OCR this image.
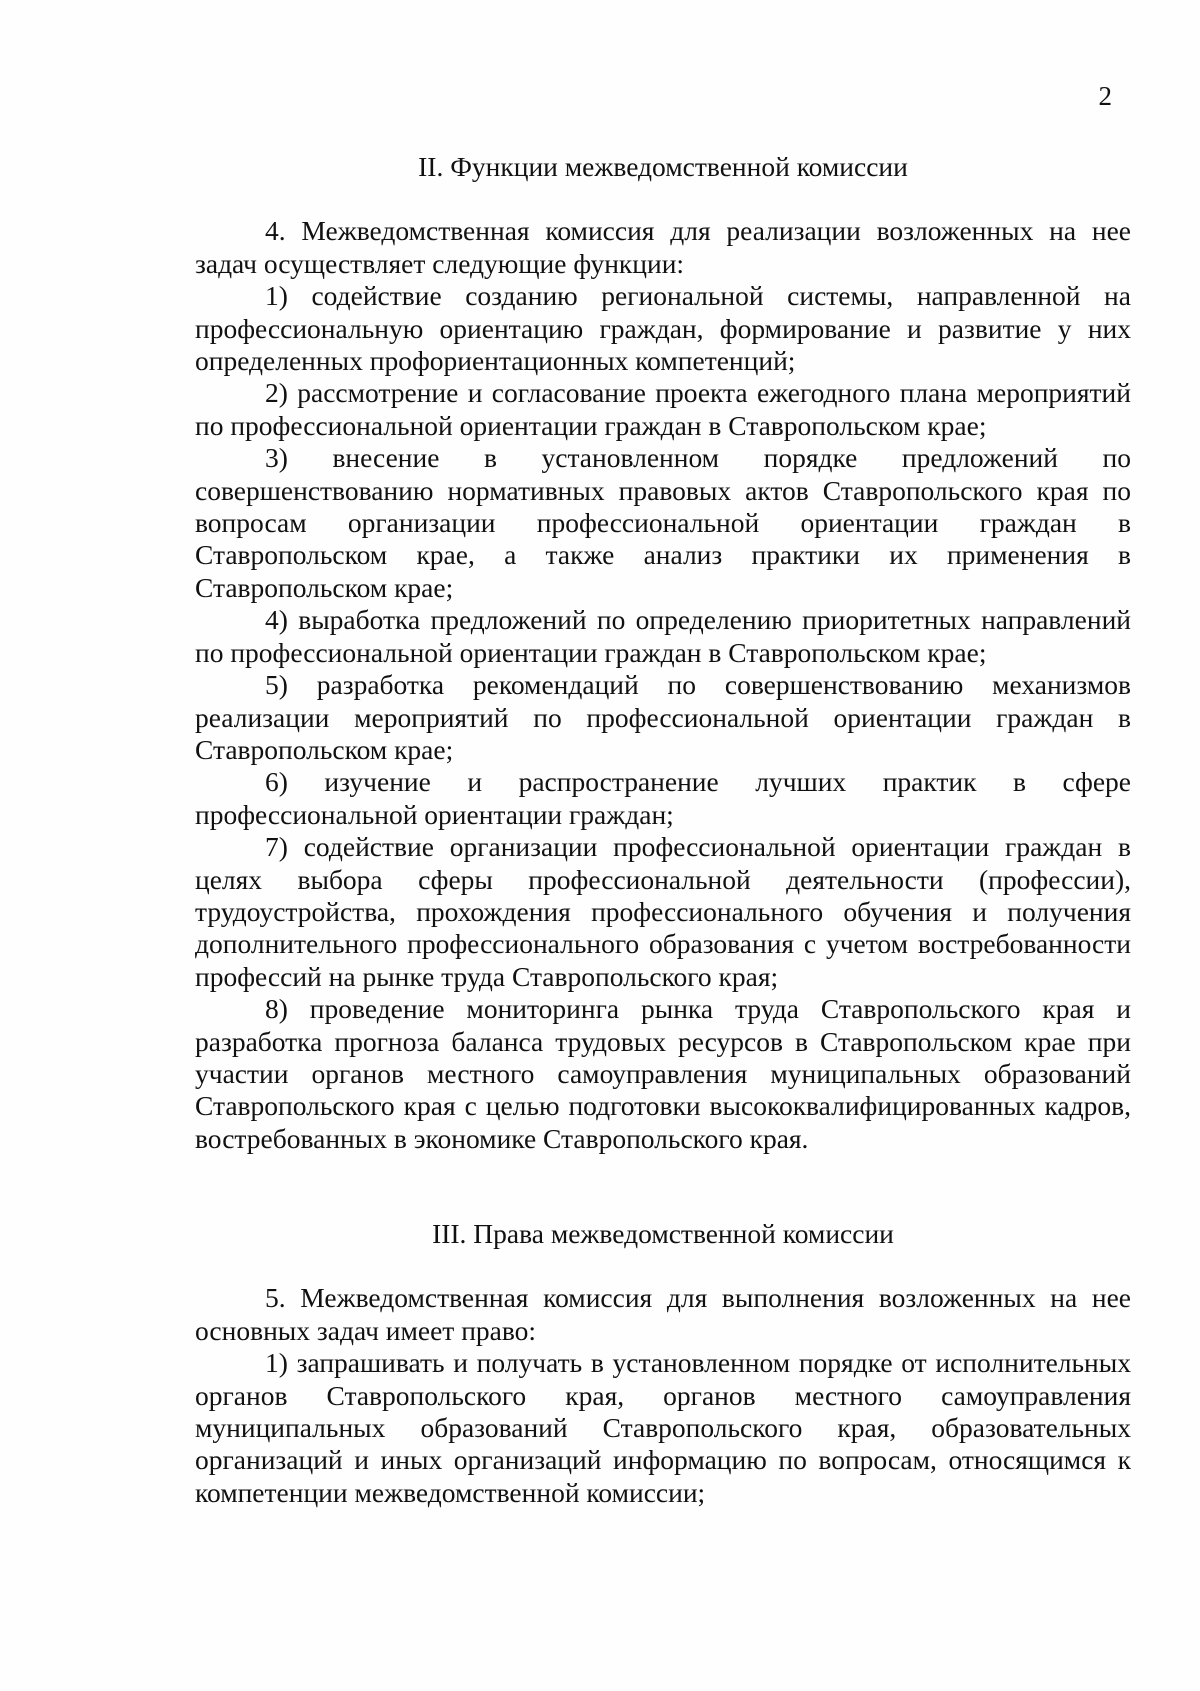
2
II. Функции межведомственной комиссии

4. Межведомственная комиссия для реализации возложенных на нее задач осуществляет следующие функции:

1) содействие созданию региональной системы, направленной на профессиональную ориентацию граждан, формирование и развитие у них определенных профориентационных компетенций;

2) рассмотрение и согласование проекта ежегодного плана мероприятий по профессиональной ориентации граждан в Ставропольском крае;

3) внесение в установленном порядке предложений по совершенствованию нормативных правовых актов Ставропольского края по вопросам организации профессиональной ориентации граждан в Ставропольском крае, а также анализ практики их применения в Ставропольском крае;

4) выработка предложений по определению приоритетных направлений по профессиональной ориентации граждан в Ставропольском крае;

5) разработка рекомендаций по совершенствованию механизмов реализации мероприятий по профессиональной ориентации граждан в Ставропольском крае;

6) изучение и распространение лучших практик в сфере профессиональной ориентации граждан;

7) содействие организации профессиональной ориентации граждан в целях выбора сферы профессиональной деятельности (профессии), трудоустройства, прохождения профессионального обучения и получения дополнительного профессионального образования с учетом востребованности профессий на рынке труда Ставропольского края;

8) проведение мониторинга рынка труда Ставропольского края и разработка прогноза баланса трудовых ресурсов в Ставропольском крае при участии органов местного самоуправления муниципальных образований Ставропольского края с целью подготовки высококвалифицированных кадров, востребованных в экономике Ставропольского края.

III. Права межведомственной комиссии

5. Межведомственная комиссия для выполнения возложенных на нее основных задач имеет право:

1) запрашивать и получать в установленном порядке от исполнительных органов Ставропольского края, органов местного самоуправления муниципальных образований Ставропольского края, образовательных организаций и иных организаций информацию по вопросам, относящимся к компетенции межведомственной комиссии;
